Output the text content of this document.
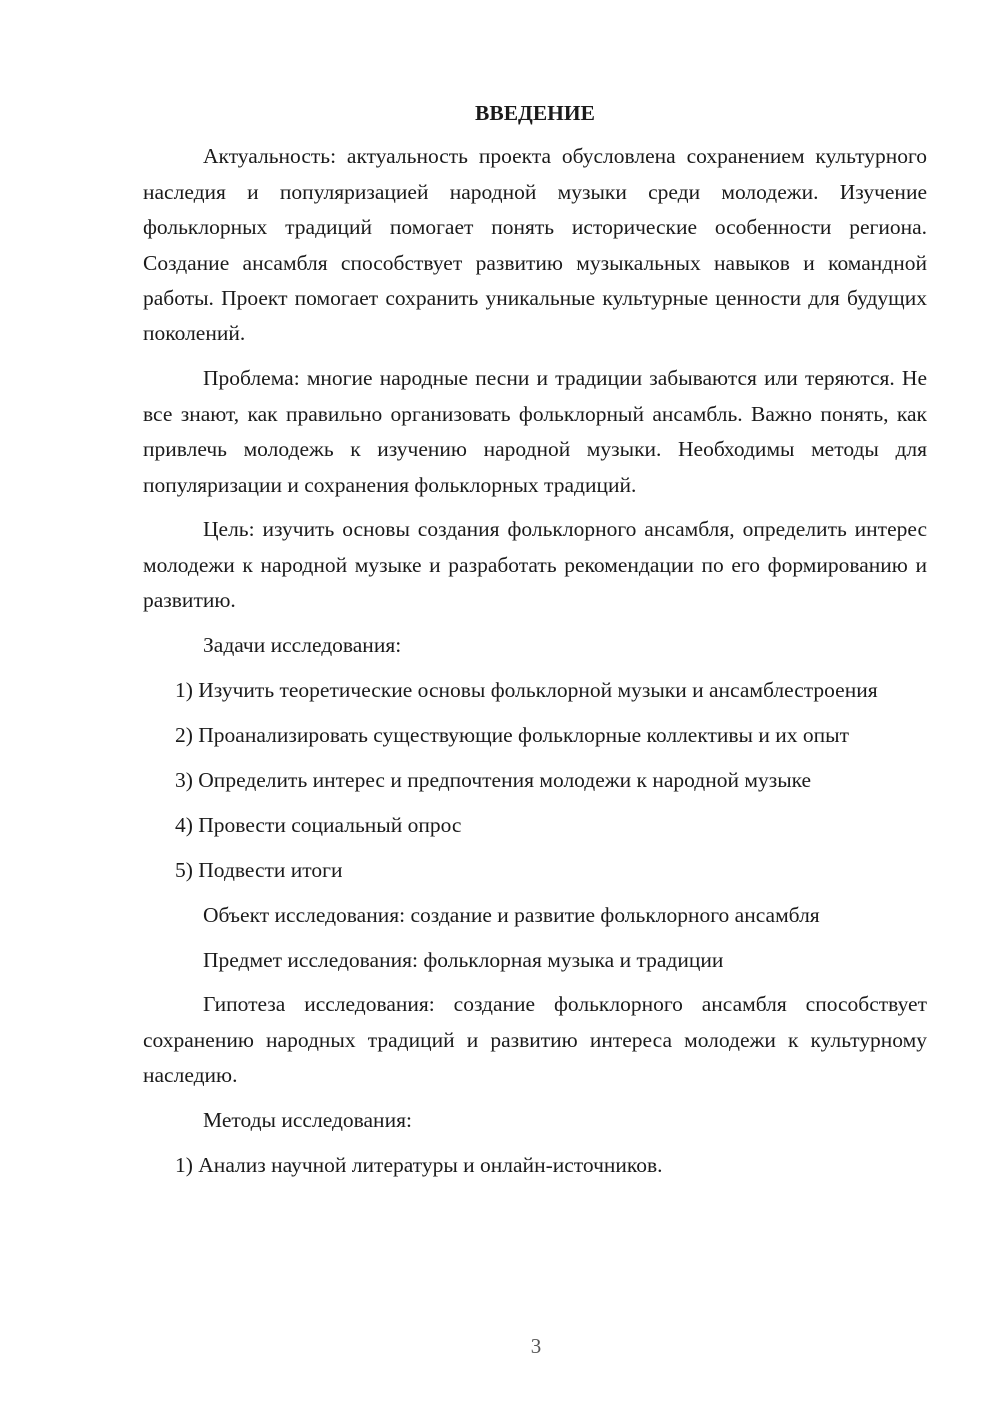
ВВЕДЕНИЕ

Актуальность: актуальность проекта обусловлена сохранением культурного наследия и популяризацией народной музыки среди молодежи. Изучение фольклорных традиций помогает понять исторические особенности региона. Создание ансамбля способствует развитию музыкальных навыков и командной работы. Проект помогает сохранить уникальные культурные ценности для будущих поколений.

Проблема: многие народные песни и традиции забываются или теряются. Не все знают, как правильно организовать фольклорный ансамбль. Важно понять, как привлечь молодежь к изучению народной музыки. Необходимы методы для популяризации и сохранения фольклорных традиций.

Цель: изучить основы создания фольклорного ансамбля, определить интерес молодежи к народной музыке и разработать рекомендации по его формированию и развитию.

Задачи исследования:

1) Изучить теоретические основы фольклорной музыки и ансамблестроения

2) Проанализировать существующие фольклорные коллективы и их опыт

3) Определить интерес и предпочтения молодежи к народной музыке

4) Провести социальный опрос

5) Подвести итоги

Объект исследования: создание и развитие фольклорного ансамбля

Предмет исследования: фольклорная музыка и традиции

Гипотеза исследования: создание фольклорного ансамбля способствует сохранению народных традиций и развитию интереса молодежи к культурному наследию.

Методы исследования:

1) Анализ научной литературы и онлайн-источников.

3
